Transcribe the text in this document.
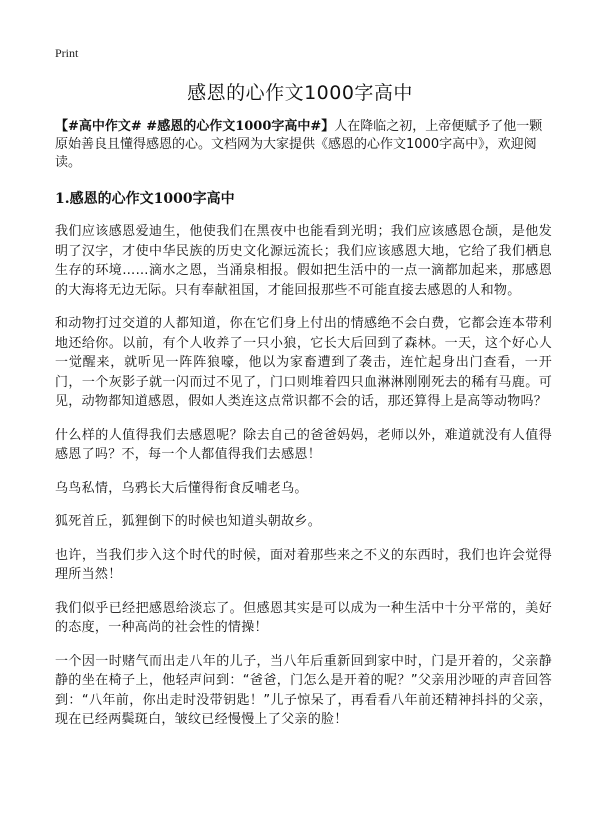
Print
感恩的心作文1000字高中

【#高中作文# #感恩的心作文1000字高中#】人在降临之初，上帝便赋予了他一颗原始善良且懂得感恩的心。文档网为大家提供《感恩的心作文1000字高中》，欢迎阅读。

1.感恩的心作文1000字高中

我们应该感恩爱迪生，他使我们在黑夜中也能看到光明；我们应该感恩仓颉，是他发明了汉字，才使中华民族的历史文化源远流长；我们应该感恩大地，它给了我们栖息生存的环境……滴水之恩，当涌泉相报。假如把生活中的一点一滴都加起来，那感恩的大海将无边无际。只有奉献祖国，才能回报那些不可能直接去感恩的人和物。

和动物打过交道的人都知道，你在它们身上付出的情感绝不会白费，它都会连本带利地还给你。以前，有个人收养了一只小狼，它长大后回到了森林。一天，这个好心人一觉醒来，就听见一阵阵狼嚎，他以为家畜遭到了袭击，连忙起身出门查看，一开门，一个灰影子就一闪而过不见了，门口则堆着四只血淋淋刚刚死去的稀有马鹿。可见，动物都知道感恩，假如人类连这点常识都不会的话，那还算得上是高等动物吗？

什么样的人值得我们去感恩呢？除去自己的爸爸妈妈，老师以外，难道就没有人值得感恩了吗？不，每一个人都值得我们去感恩！

乌鸟私情，乌鸦长大后懂得衔食反哺老乌。

狐死首丘，狐狸倒下的时候也知道头朝故乡。

也许，当我们步入这个时代的时候，面对着那些来之不义的东西时，我们也许会觉得理所当然！

我们似乎已经把感恩给淡忘了。但感恩其实是可以成为一种生活中十分平常的，美好的态度，一种高尚的社会性的情操！

一个因一时赌气而出走八年的儿子，当八年后重新回到家中时，门是开着的，父亲静静的坐在椅子上，他轻声问到：“爸爸，门怎么是开着的呢？”父亲用沙哑的声音回答到：“八年前，你出走时没带钥匙！”儿子惊呆了，再看看八年前还精神抖抖的父亲，现在已经两鬓斑白，皱纹已经慢慢上了父亲的脸！
